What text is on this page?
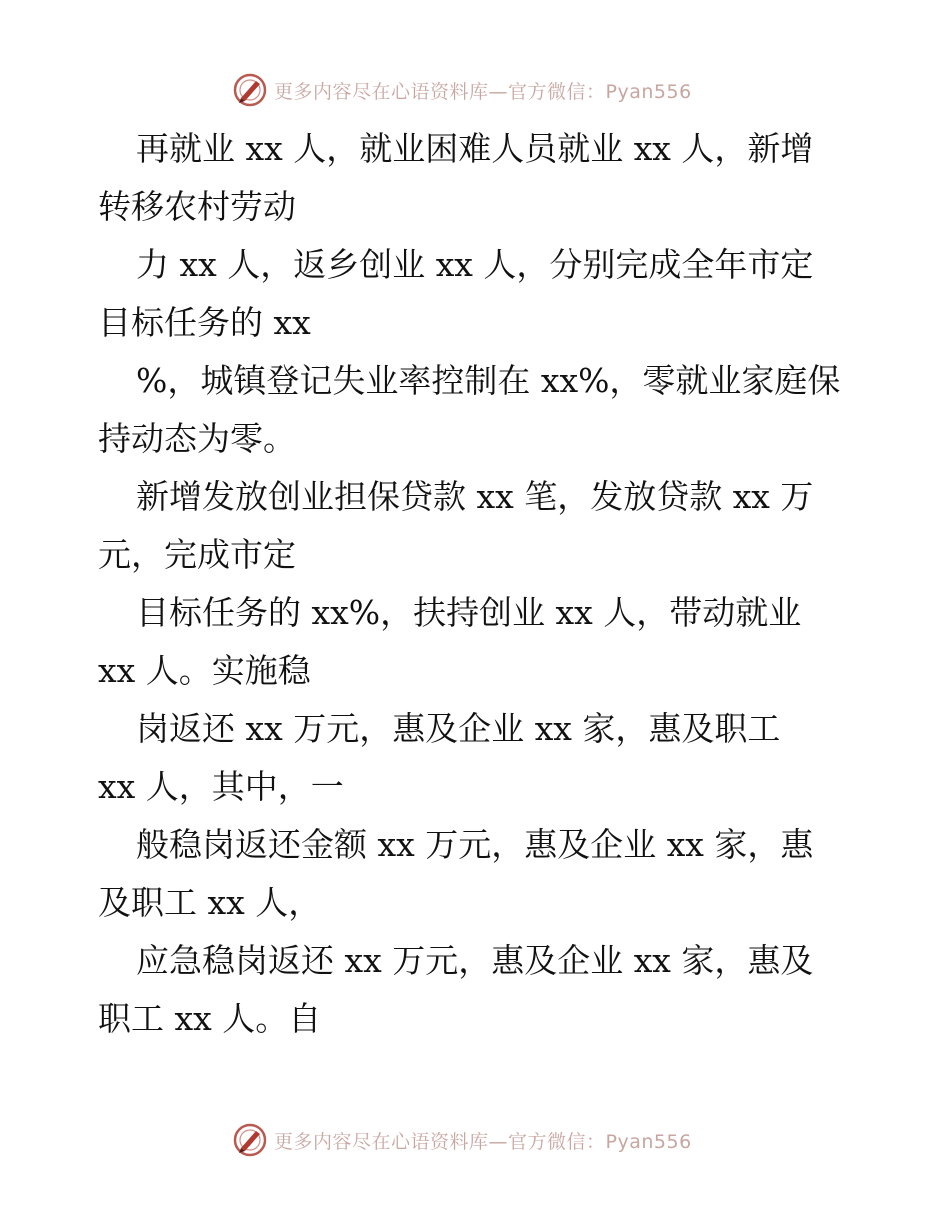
更多内容尽在心语资料库—官方微信：Pyan556
再就业 xx 人，就业困难人员就业 xx 人，新增
转移农村劳动
力 xx 人，返乡创业 xx 人，分别完成全年市定
目标任务的 xx
%，城镇登记失业率控制在 xx%，零就业家庭保
持动态为零。
新增发放创业担保贷款 xx 笔，发放贷款 xx 万
元，完成市定
目标任务的 xx%，扶持创业 xx 人，带动就业
xx 人。实施稳
岗返还 xx 万元，惠及企业 xx 家，惠及职工
xx 人，其中，一
般稳岗返还金额 xx 万元，惠及企业 xx 家，惠
及职工 xx 人，
应急稳岗返还 xx 万元，惠及企业 xx 家，惠及
职工 xx 人。自
更多内容尽在心语资料库—官方微信：Pyan556
